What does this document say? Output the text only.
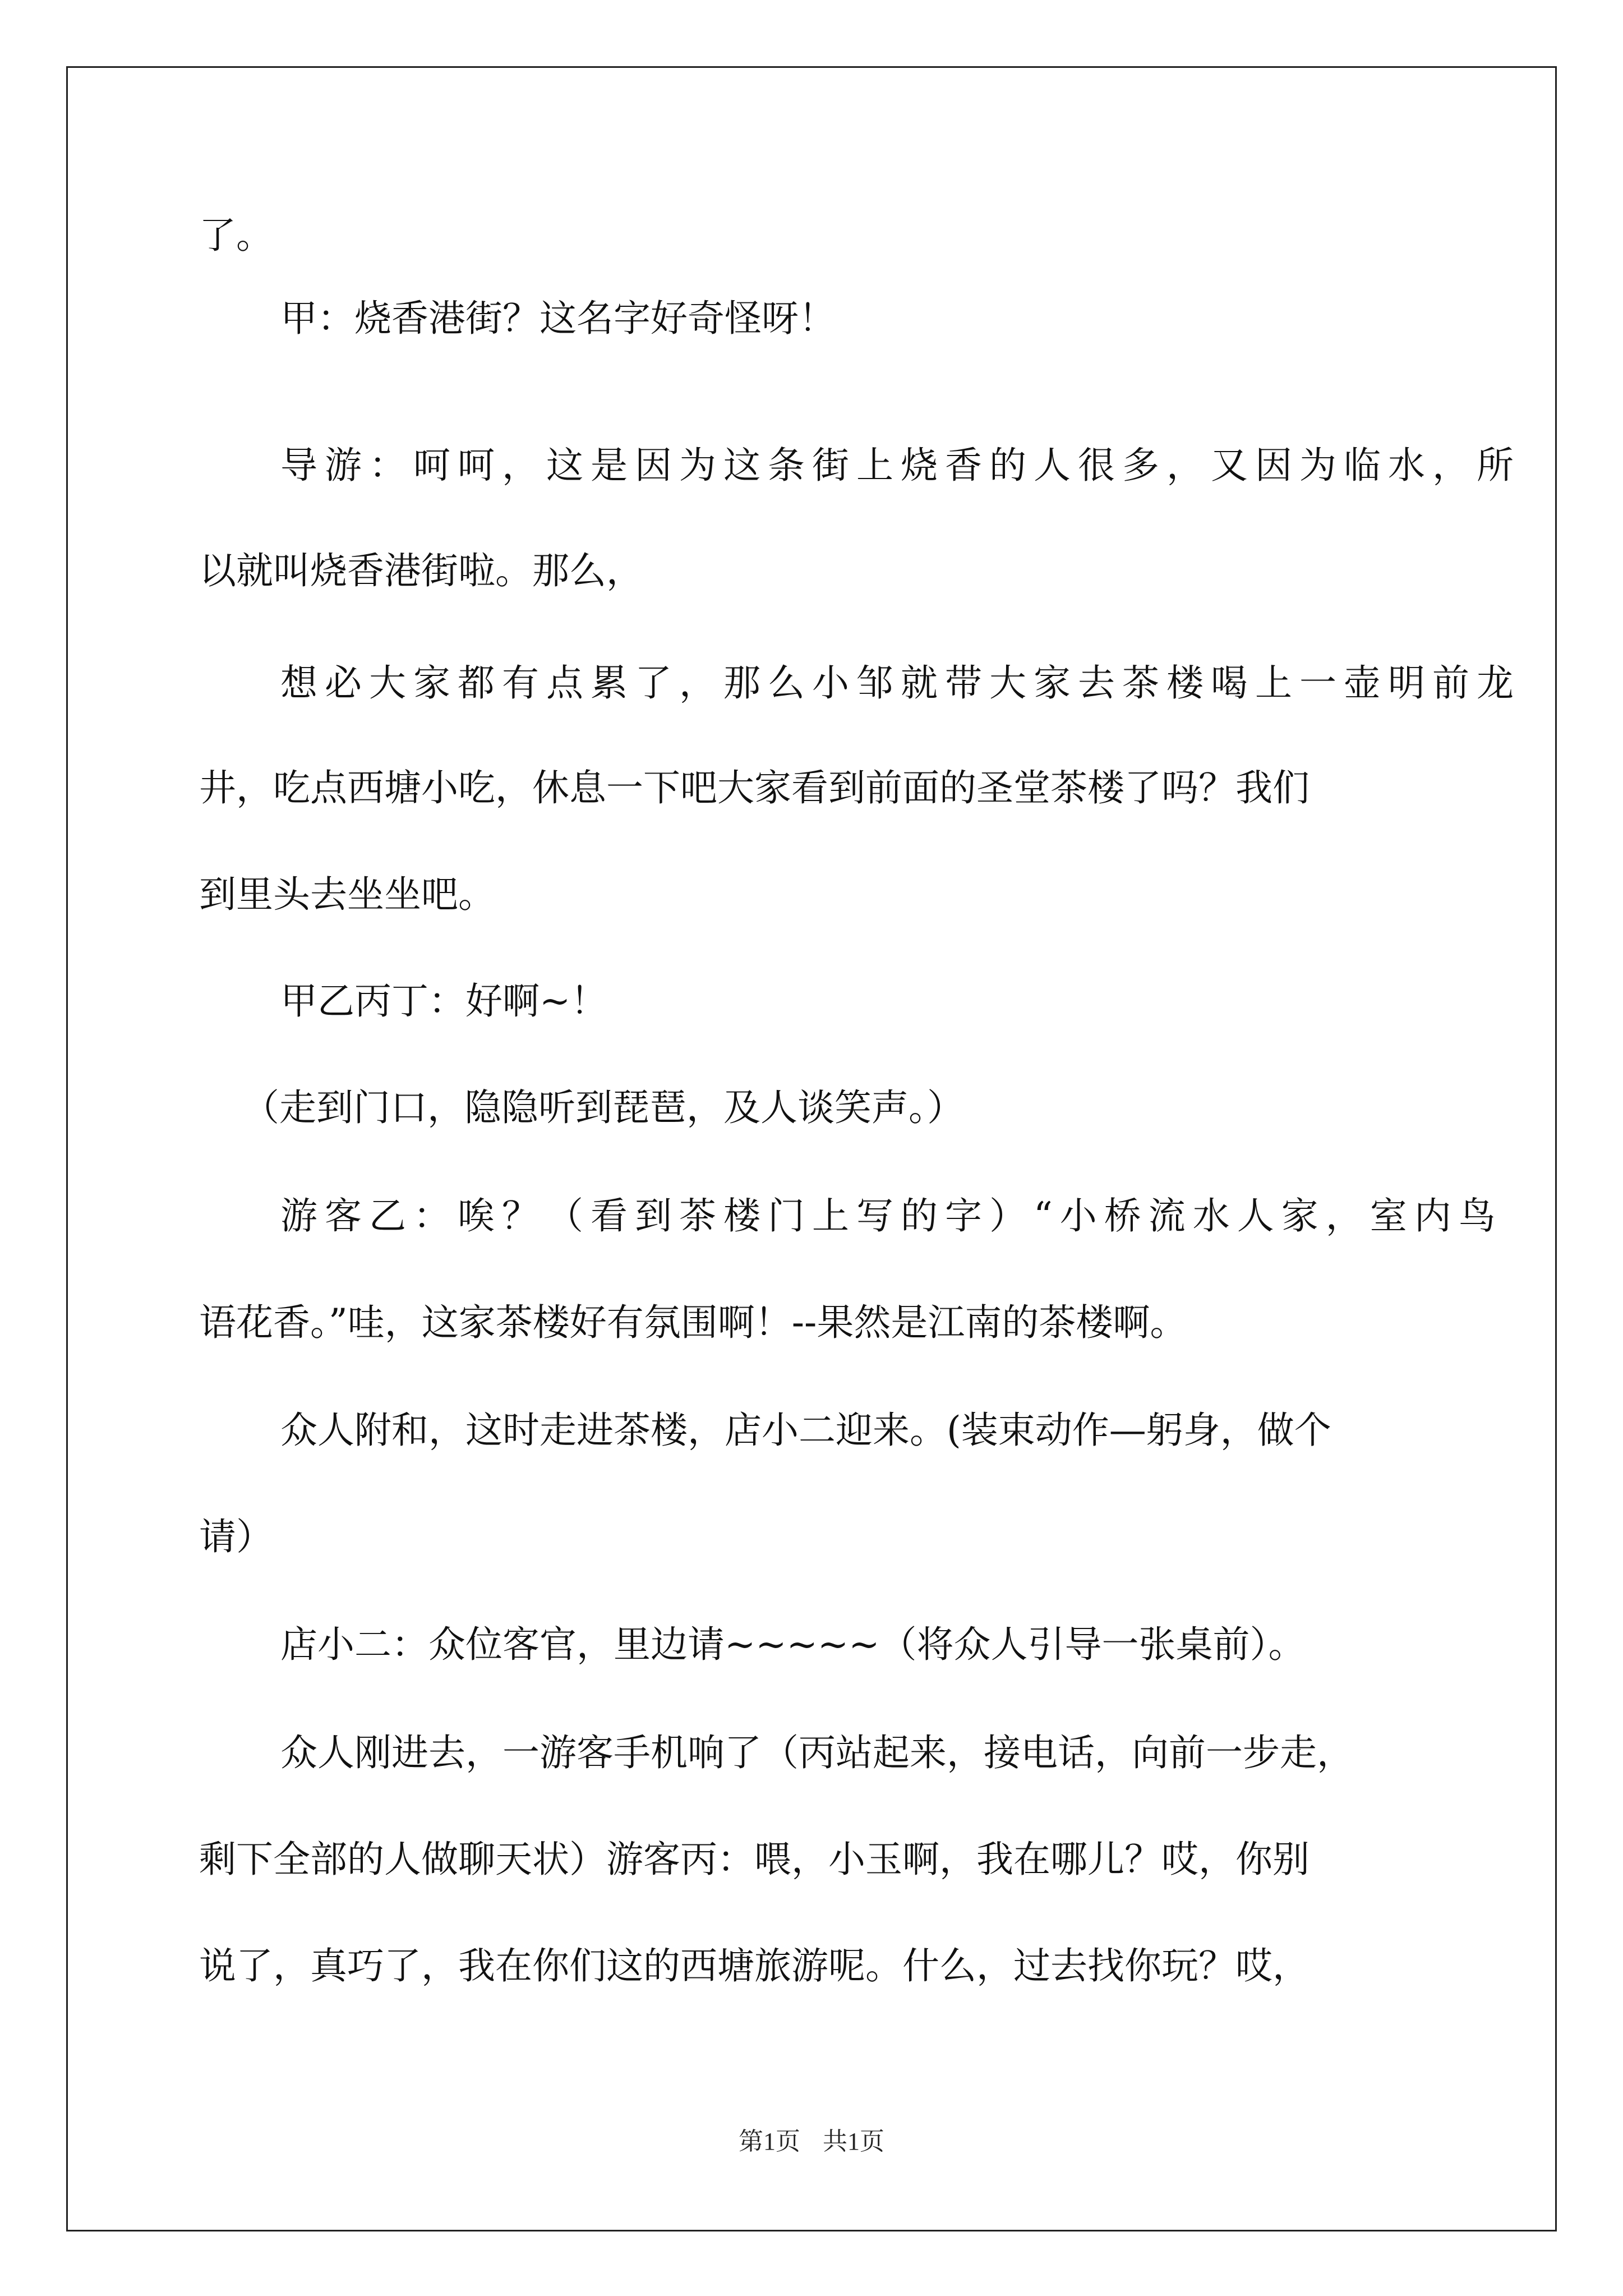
了。
甲：烧香港街？这名字好奇怪呀！
导游：呵呵，这是因为这条街上烧香的人很多，又因为临水，所
以就叫烧香港街啦。那么，
想必大家都有点累了，那么小邹就带大家去茶楼喝上一壶明前龙
井，吃点西塘小吃，休息一下吧大家看到前面的圣堂茶楼了吗？我们
到里头去坐坐吧。
甲乙丙丁：好啊~！
（走到门口，隐隐听到琵琶，及人谈笑声。）
游客乙：唉？（看到茶楼门上写的字）“小桥流水人家，室内鸟
语花香。”哇，这家茶楼好有氛围啊！--果然是江南的茶楼啊。
众人附和，这时走进茶楼，店小二迎来。(装束动作—躬身，做个
请）
店小二：众位客官，里边请~~~~~（将众人引导一张桌前）。
众人刚进去，一游客手机响了（丙站起来，接电话，向前一步走，
剩下全部的人做聊天状）游客丙：喂，小玉啊，我在哪儿？哎，你别
说了，真巧了，我在你们这的西塘旅游呢。什么，过去找你玩？哎，
第1页 共1页
